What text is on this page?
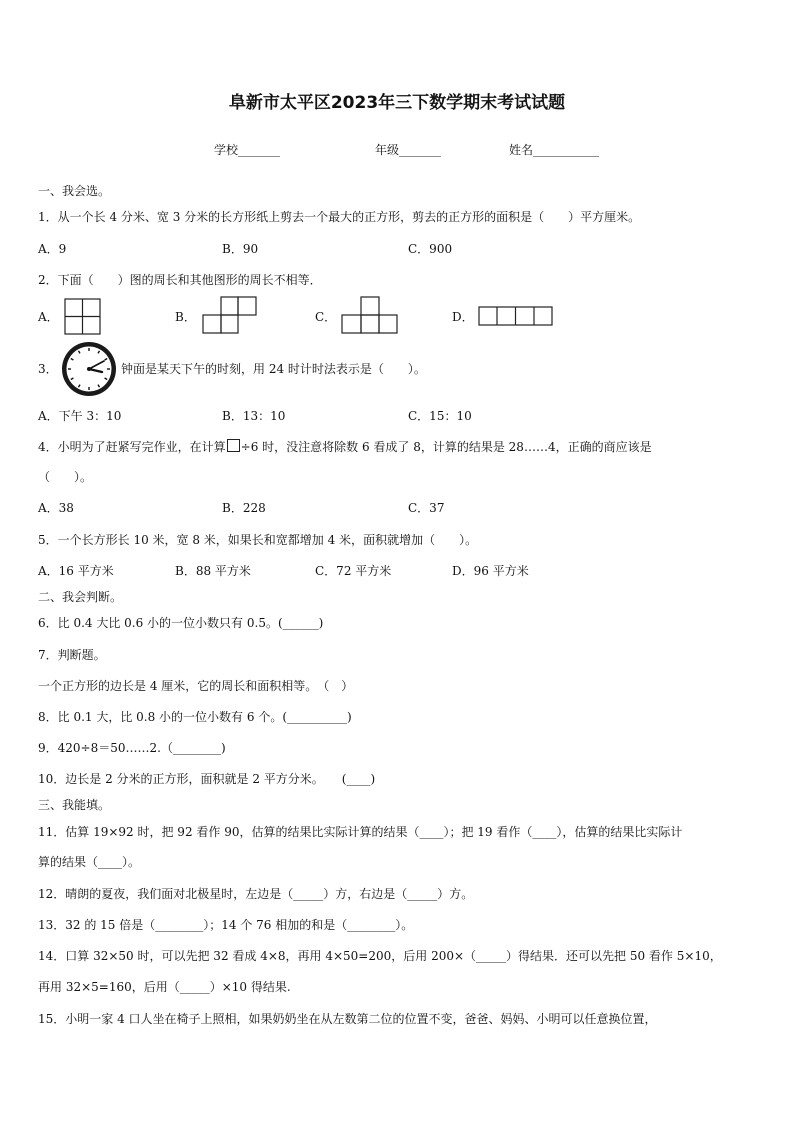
阜新市太平区2023年三下数学期末考试试题
学校_______	年级_______	姓名___________
一、我会选。
1．从一个长 4 分米、宽 3 分米的长方形纸上剪去一个最大的正方形，剪去的正方形的面积是（　　）平方厘米。
A．9	B．90	C．900
2．下面（　　）图的周长和其他图形的周长不相等．
A．	B．	C．	D．
3．	钟面是某天下午的时刻，用 24 时计时法表示是（　　）。
A．下午 3：10	B．13：10	C．15：10
4．小明为了赶紧写完作业，在计算 ÷6 时，没注意将除数 6 看成了 8，计算的结果是 28……4，正确的商应该是
（　　）。
A．38	B．228	C．37
5．一个长方形长 10 米，宽 8 米，如果长和宽都增加 4 米，面积就增加（　　）。
A．16 平方米	B．88 平方米	C．72 平方米	D．96 平方米
二、我会判断。
6．比 0.4 大比 0.6 小的一位小数只有 0.5。(______)
7．判断题。
一个正方形的边长是 4 厘米，它的周长和面积相等。　（　）
8．比 0.1 大，比 0.8 小的一位小数有 6 个。(__________)
9．420÷8＝50……2.（________)
10．边长是 2 分米的正方形，面积就是 2 平方分米。　　(____)
三、我能填。
11．估算 19×92 时，把 92 看作 90，估算的结果比实际计算的结果（____）；把 19 看作（____），估算的结果比实际计
算的结果（____）。
12．晴朗的夏夜，我们面对北极星时，左边是（_____）方，右边是（_____）方。
13．32 的 15 倍是（________）；14 个 76 相加的和是（________）。
14．口算 32×50 时，可以先把 32 看成 4×8，再用 4×50=200，后用 200×（_____）得结果．还可以先把 50 看作 5×10，
再用 32×5=160，后用（_____）×10 得结果.
15．小明一家 4 口人坐在椅子上照相，如果奶奶坐在从左数第二位的位置不变，爸爸、妈妈、小明可以任意换位置，
